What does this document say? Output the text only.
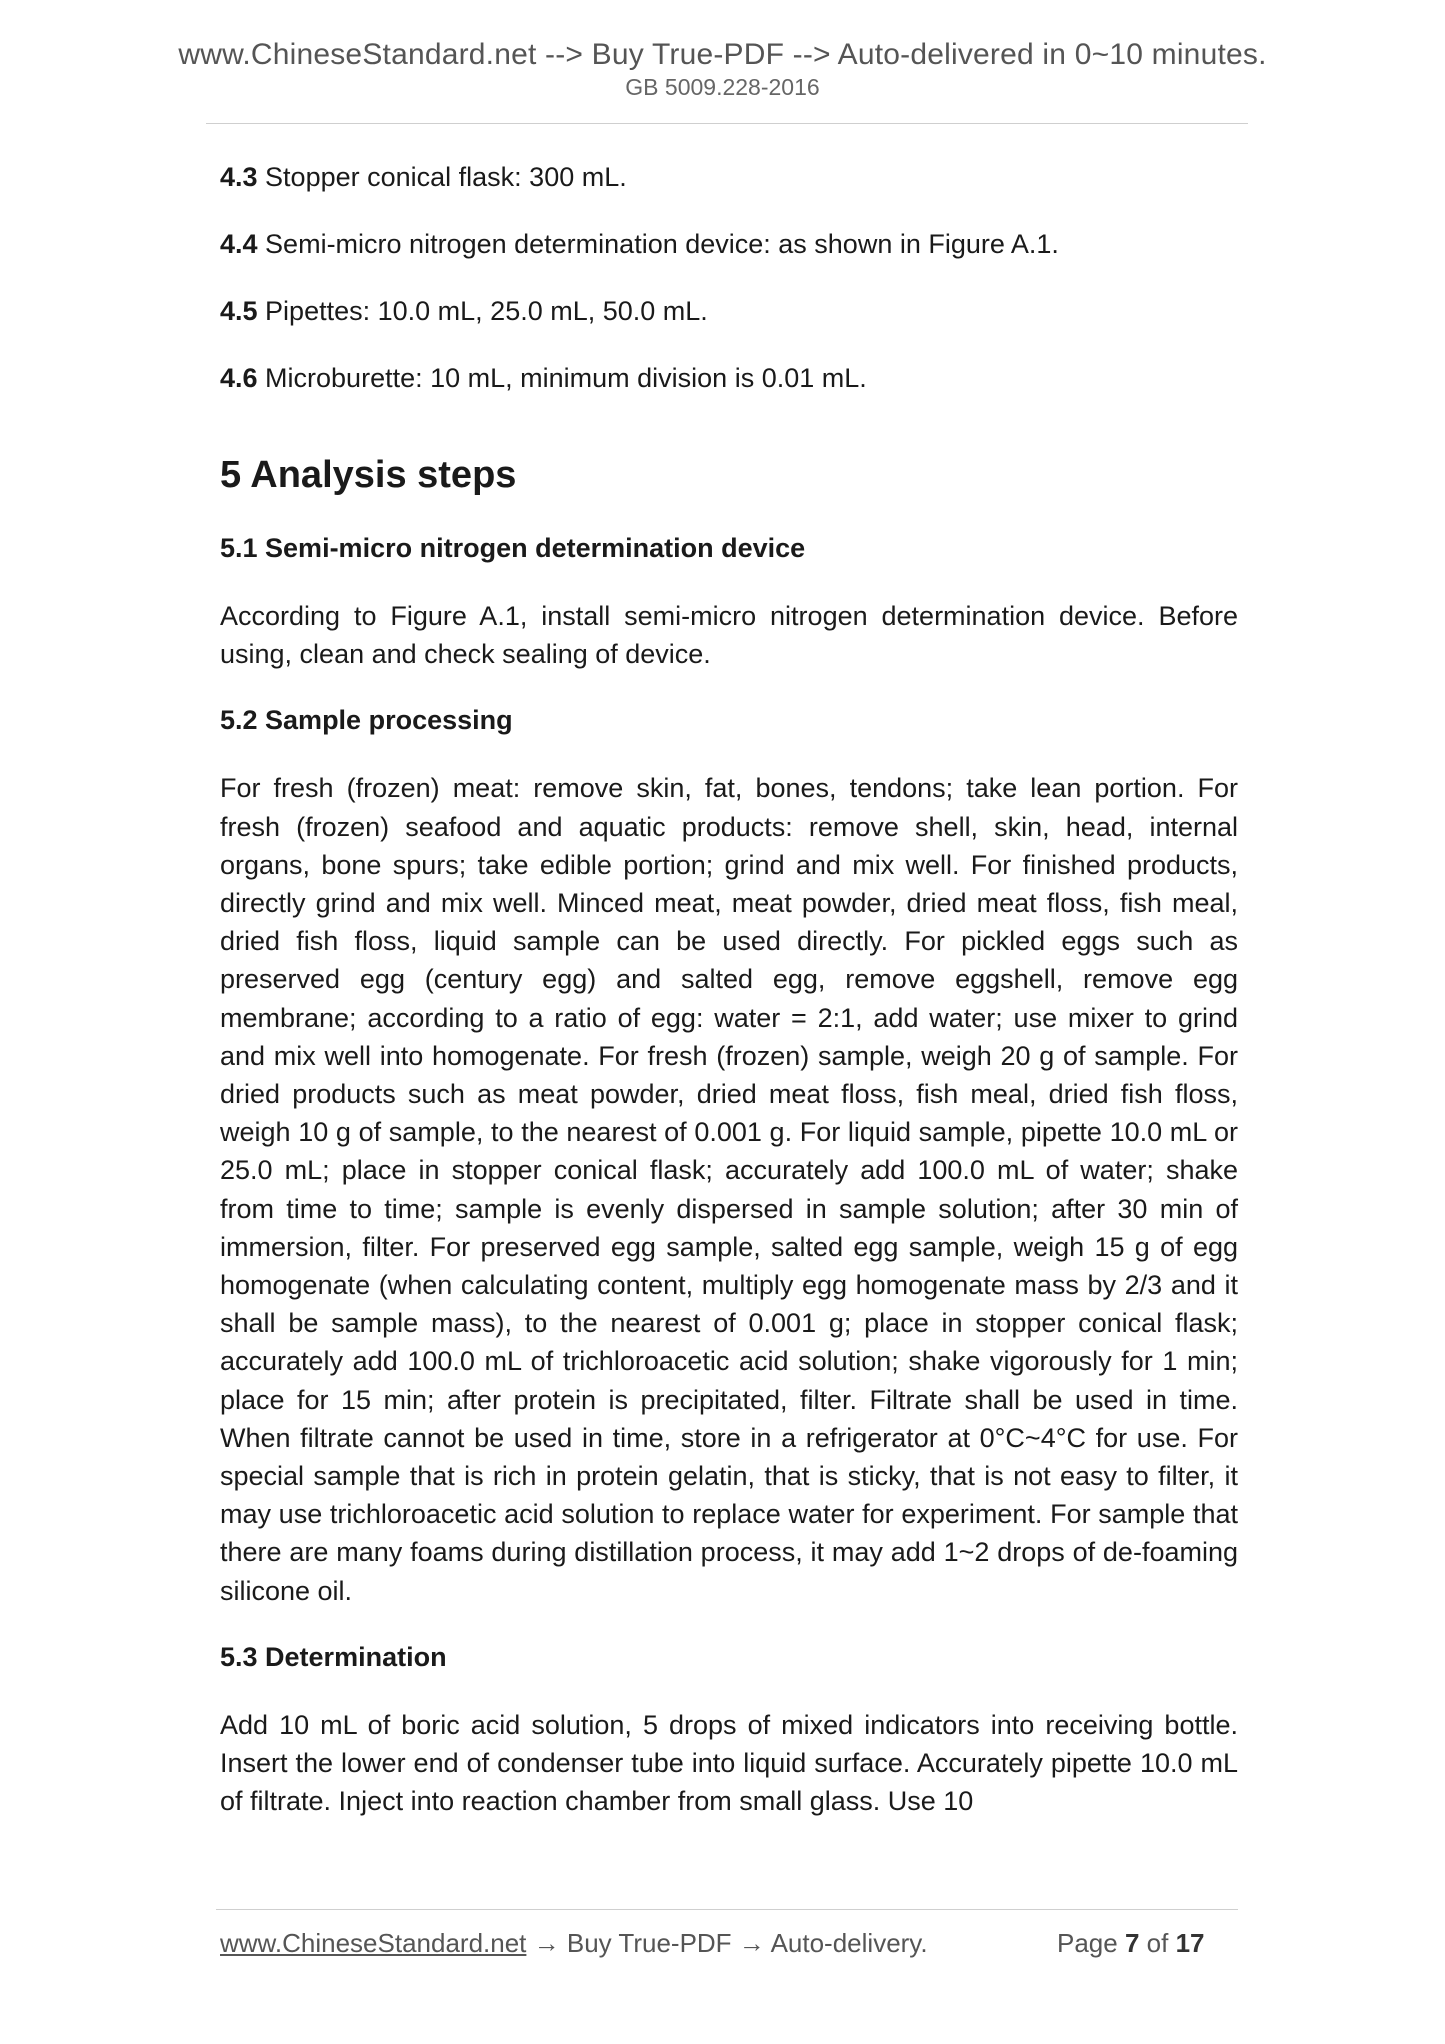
www.ChineseStandard.net --> Buy True-PDF --> Auto-delivered in 0~10 minutes.
GB 5009.228-2016

4.3 Stopper conical flask: 300 mL.

4.4 Semi-micro nitrogen determination device: as shown in Figure A.1.

4.5 Pipettes: 10.0 mL, 25.0 mL, 50.0 mL.

4.6 Microburette: 10 mL, minimum division is 0.01 mL.

5 Analysis steps
5.1 Semi-micro nitrogen determination device

According to Figure A.1, install semi-micro nitrogen determination device. Before using, clean and check sealing of device.

5.2 Sample processing

For fresh (frozen) meat: remove skin, fat, bones, tendons; take lean portion. For fresh (frozen) seafood and aquatic products: remove shell, skin, head, internal organs, bone spurs; take edible portion; grind and mix well. For finished products, directly grind and mix well. Minced meat, meat powder, dried meat floss, fish meal, dried fish floss, liquid sample can be used directly. For pickled eggs such as preserved egg (century egg) and salted egg, remove eggshell, remove egg membrane; according to a ratio of egg: water = 2:1, add water; use mixer to grind and mix well into homogenate. For fresh (frozen) sample, weigh 20 g of sample. For dried products such as meat powder, dried meat floss, fish meal, dried fish floss, weigh 10 g of sample, to the nearest of 0.001 g. For liquid sample, pipette 10.0 mL or 25.0 mL; place in stopper conical flask; accurately add 100.0 mL of water; shake from time to time; sample is evenly dispersed in sample solution; after 30 min of immersion, filter. For preserved egg sample, salted egg sample, weigh 15 g of egg homogenate (when calculating content, multiply egg homogenate mass by 2/3 and it shall be sample mass), to the nearest of 0.001 g; place in stopper conical flask; accurately add 100.0 mL of trichloroacetic acid solution; shake vigorously for 1 min; place for 15 min; after protein is precipitated, filter. Filtrate shall be used in time. When filtrate cannot be used in time, store in a refrigerator at 0°C~4°C for use. For special sample that is rich in protein gelatin, that is sticky, that is not easy to filter, it may use trichloroacetic acid solution to replace water for experiment. For sample that there are many foams during distillation process, it may add 1~2 drops of de-foaming silicone oil.

5.3 Determination

Add 10 mL of boric acid solution, 5 drops of mixed indicators into receiving bottle. Insert the lower end of condenser tube into liquid surface. Accurately pipette 10.0 mL of filtrate. Inject into reaction chamber from small glass. Use 10

www.ChineseStandard.net → Buy True-PDF → Auto-delivery.	Page 7 of 17
